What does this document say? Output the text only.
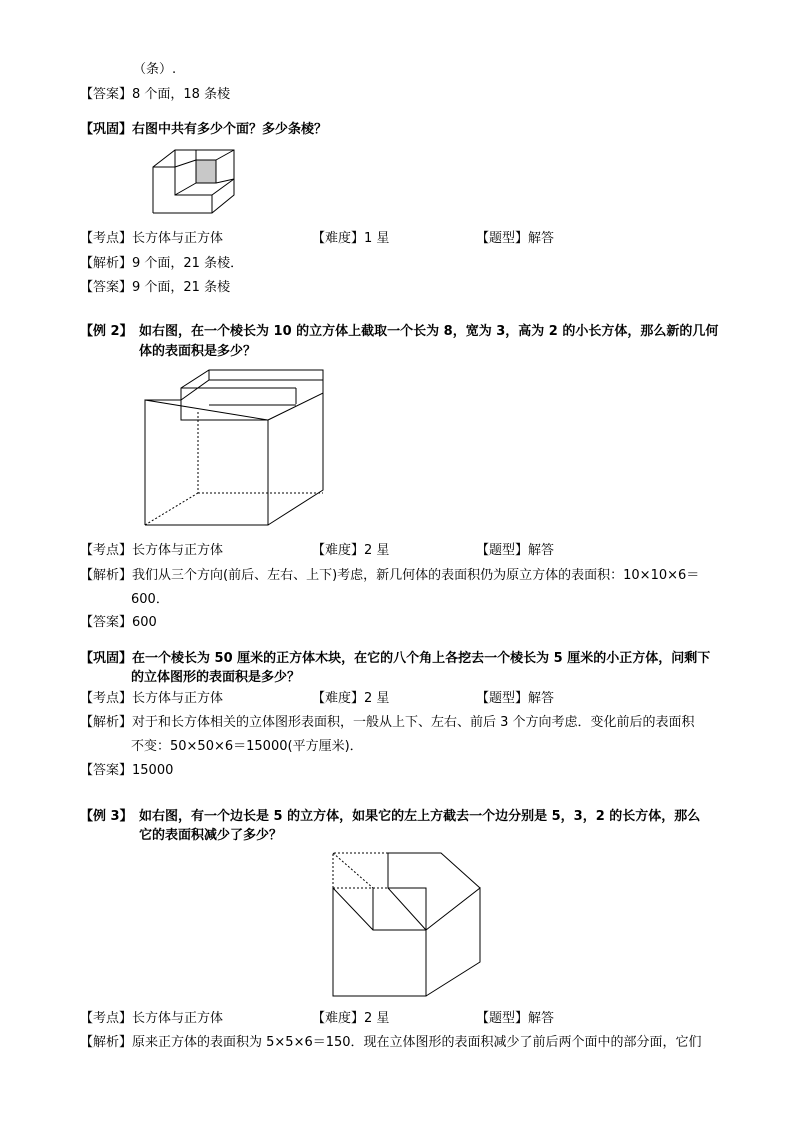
（条）.
【答案】8 个面，18 条棱
【巩固】右图中共有多少个面？多少条棱？
【考点】长方体与正方体	【难度】1 星	【题型】解答
【解析】9 个面，21 条棱．
【答案】9 个面，21 条棱
【例 2】 如右图，在一个棱长为 10 的立方体上截取一个长为 8，宽为 3，高为 2 的小长方体，那么新的几何
体的表面积是多少？
【考点】长方体与正方体	【难度】2 星	【题型】解答
【解析】我们从三个方向(前后、左右、上下)考虑，新几何体的表面积仍为原立方体的表面积：10×10×6＝
600．
【答案】600
【巩固】在一个棱长为 50 厘米的正方体木块，在它的八个角上各挖去一个棱长为 5 厘米的小正方体，问剩下
的立体图形的表面积是多少？
【考点】长方体与正方体	【难度】2 星	【题型】解答
【解析】对于和长方体相关的立体图形表面积，一般从上下、左右、前后 3 个方向考虑．变化前后的表面积
不变：50×50×6＝15000(平方厘米)．
【答案】15000
【例 3】 如右图，有一个边长是 5 的立方体，如果它的左上方截去一个边分别是 5，3，2 的长方体，那么
它的表面积减少了多少？
【考点】长方体与正方体	【难度】2 星	【题型】解答
【解析】原来正方体的表面积为 5×5×6＝150．现在立体图形的表面积减少了前后两个面中的部分面，它们
